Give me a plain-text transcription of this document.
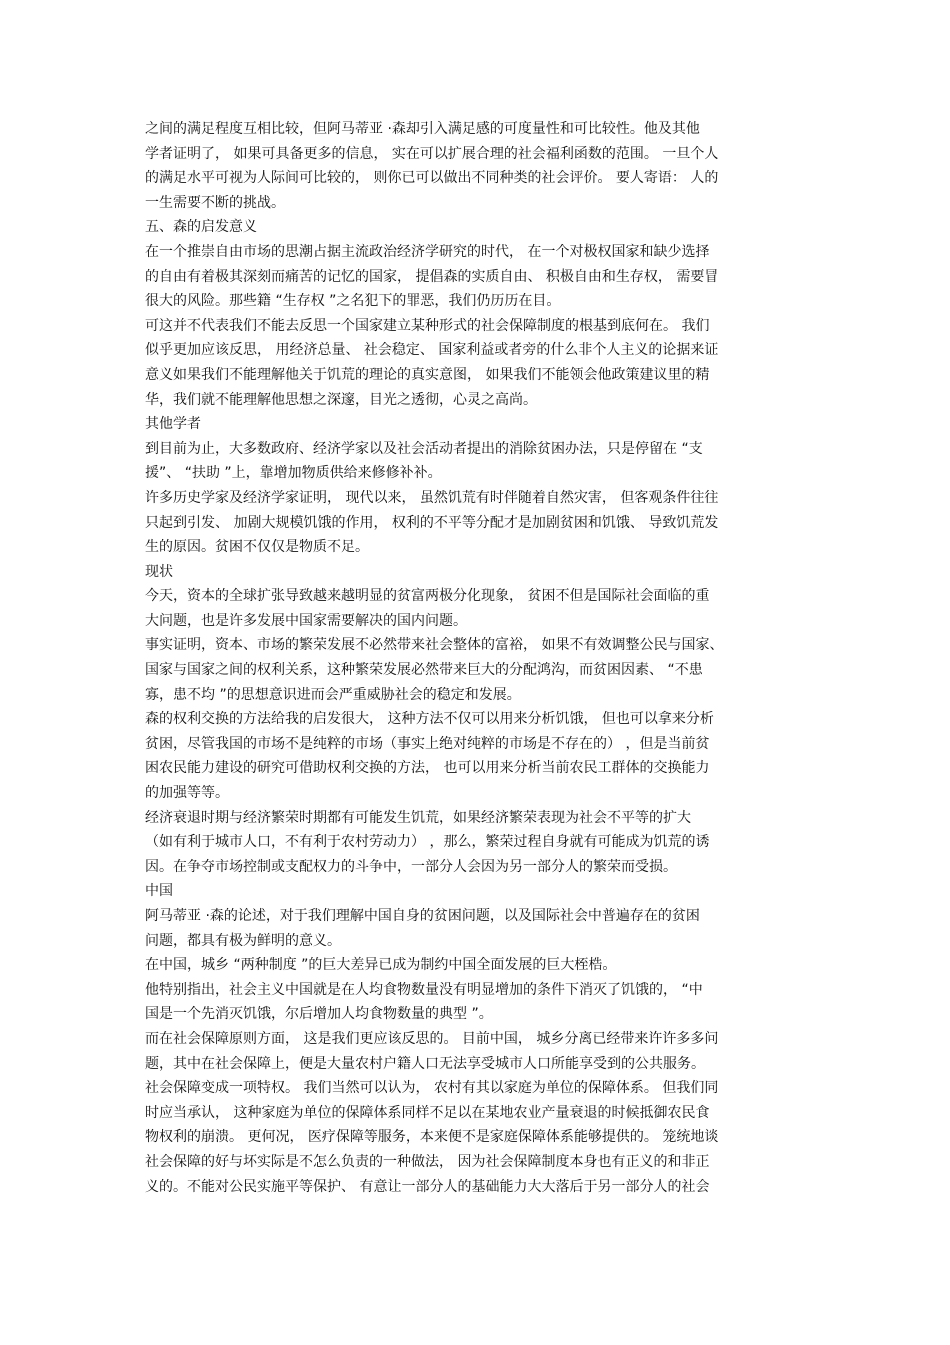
之间的满足程度互相比较，但阿马蒂亚 ·森却引入满足感的可度量性和可比较性。他及其他
学者证明了， 如果可具备更多的信息， 实在可以扩展合理的社会福利函数的范围。 一旦个人
的满足水平可视为人际间可比较的， 则你已可以做出不同种类的社会评价。 要人寄语： 人的
一生需要不断的挑战。
五、森的启发意义
在一个推崇自由市场的思潮占据主流政治经济学研究的时代， 在一个对极权国家和缺少选择
的自由有着极其深刻而痛苦的记忆的国家， 提倡森的实质自由、 积极自由和生存权， 需要冒
很大的风险。那些籍 “生存权 ”之名犯下的罪恶，我们仍历历在目。
可这并不代表我们不能去反思一个国家建立某种形式的社会保障制度的根基到底何在。 我们
似乎更加应该反思， 用经济总量、 社会稳定、 国家利益或者旁的什么非个人主义的论据来证
意义如果我们不能理解他关于饥荒的理论的真实意图， 如果我们不能领会他政策建议里的精
华，我们就不能理解他思想之深邃，目光之透彻，心灵之高尚。
其他学者
到目前为止，大多数政府、经济学家以及社会活动者提出的消除贫困办法，只是停留在 “支
援”、 “扶助 ”上，靠增加物质供给来修修补补。
许多历史学家及经济学家证明， 现代以来， 虽然饥荒有时伴随着自然灾害， 但客观条件往往
只起到引发、 加剧大规模饥饿的作用， 权利的不平等分配才是加剧贫困和饥饿、 导致饥荒发
生的原因。贫困不仅仅是物质不足。
现状
今天，资本的全球扩张导致越来越明显的贫富两极分化现象， 贫困不但是国际社会面临的重
大问题，也是许多发展中国家需要解决的国内问题。
事实证明，资本、市场的繁荣发展不必然带来社会整体的富裕， 如果不有效调整公民与国家、
国家与国家之间的权利关系，这种繁荣发展必然带来巨大的分配鸿沟，而贫困因素、 “不患
寡，患不均 ”的思想意识进而会严重威胁社会的稳定和发展。
森的权利交换的方法给我的启发很大， 这种方法不仅可以用来分析饥饿， 但也可以拿来分析
贫困，尽管我国的市场不是纯粹的市场（事实上绝对纯粹的市场是不存在的） ，但是当前贫
困农民能力建设的研究可借助权利交换的方法， 也可以用来分析当前农民工群体的交换能力
的加强等等。
经济衰退时期与经济繁荣时期都有可能发生饥荒，如果经济繁荣表现为社会不平等的扩大
（如有利于城市人口，不有利于农村劳动力） ，那么，繁荣过程自身就有可能成为饥荒的诱
因。在争夺市场控制或支配权力的斗争中，一部分人会因为另一部分人的繁荣而受损。
中国
阿马蒂亚 ·森的论述，对于我们理解中国自身的贫困问题，以及国际社会中普遍存在的贫困
问题，都具有极为鲜明的意义。
在中国，城乡 “两种制度 ”的巨大差异已成为制约中国全面发展的巨大桎梏。
他特别指出，社会主义中国就是在人均食物数量没有明显增加的条件下消灭了饥饿的， “中
国是一个先消灭饥饿，尔后增加人均食物数量的典型 ”。
而在社会保障原则方面， 这是我们更应该反思的。 目前中国， 城乡分离已经带来许许多多问
题，其中在社会保障上，便是大量农村户籍人口无法享受城市人口所能享受到的公共服务。
社会保障变成一项特权。 我们当然可以认为， 农村有其以家庭为单位的保障体系。 但我们同
时应当承认， 这种家庭为单位的保障体系同样不足以在某地农业产量衰退的时候抵御农民食
物权利的崩溃。 更何况， 医疗保障等服务，本来便不是家庭保障体系能够提供的。 笼统地谈
社会保障的好与坏实际是不怎么负责的一种做法， 因为社会保障制度本身也有正义的和非正
义的。不能对公民实施平等保护、 有意让一部分人的基础能力大大落后于另一部分人的社会
